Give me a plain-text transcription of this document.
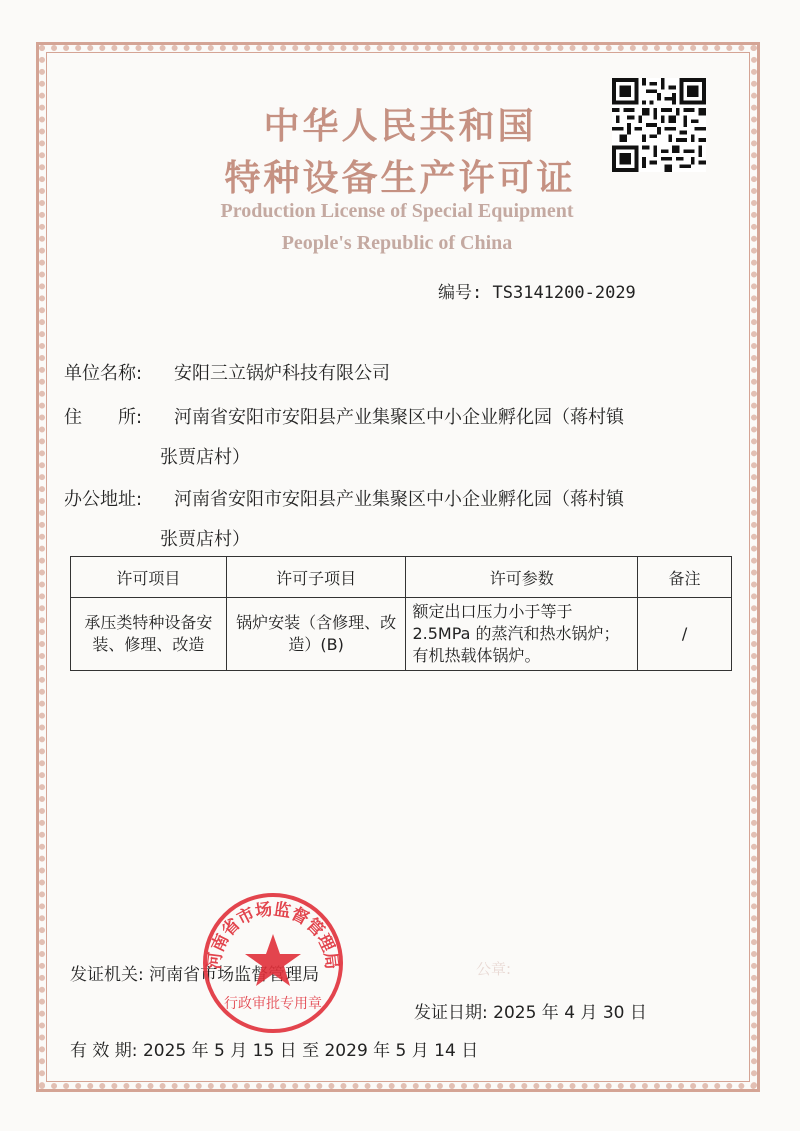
中华人民共和国
特种设备生产许可证
Production License of Special Equipment
People's Republic of China
编号: TS3141200-2029
单位名称: 安阳三立锅炉科技有限公司
住　　所: 河南省安阳市安阳县产业集聚区中小企业孵化园（蒋村镇
张贾店村）
办公地址: 河南省安阳市安阳县产业集聚区中小企业孵化园（蒋村镇
张贾店村）
许可项目	许可子项目	许可参数	备注
承压类特种设备安装、修理、改造	锅炉安装（含修理、改造）(B)	额定出口压力小于等于 2.5MPa 的蒸汽和热水锅炉；有机热载体锅炉。	/
公章:
发证机关: 河南省市场监督管理局
河南省市场监督管理局
行政审批专用章	发证日期: 2025 年 4 月 30 日
有 效 期: 2025 年 5 月 15 日 至 2029 年 5 月 14 日
